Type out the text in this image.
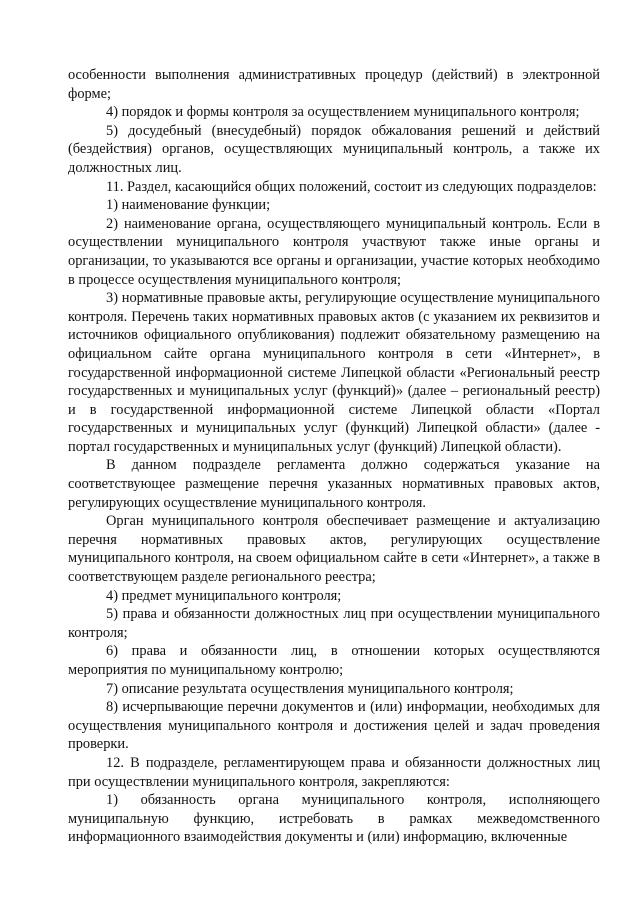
особенности выполнения административных процедур (действий) в электронной форме;

4) порядок и формы контроля за осуществлением муниципального контроля;

5) досудебный (внесудебный) порядок обжалования решений и действий (бездействия) органов, осуществляющих муниципальный контроль, а также их должностных лиц.

11. Раздел, касающийся общих положений, состоит из следующих подразделов:

1) наименование функции;

2) наименование органа, осуществляющего муниципальный контроль. Если в осуществлении муниципального контроля участвуют также иные органы и организации, то указываются все органы и организации, участие которых необходимо в процессе осуществления муниципального контроля;

3) нормативные правовые акты, регулирующие осуществление муниципального контроля. Перечень таких нормативных правовых актов (с указанием их реквизитов и источников официального опубликования) подлежит обязательному размещению на официальном сайте органа муниципального контроля в сети «Интернет», в государственной информационной системе Липецкой области «Региональный реестр государственных и муниципальных услуг (функций)» (далее – региональный реестр) и в государственной информационной системе Липецкой области «Портал государственных и муниципальных услуг (функций) Липецкой области» (далее - портал государственных и муниципальных услуг (функций) Липецкой области).

В данном подразделе регламента должно содержаться указание на соответствующее размещение перечня указанных нормативных правовых актов, регулирующих осуществление муниципального контроля.

Орган муниципального контроля обеспечивает размещение и актуализацию перечня нормативных правовых актов, регулирующих осуществление муниципального контроля, на своем официальном сайте в сети «Интернет», а также в соответствующем разделе регионального реестра;

4) предмет муниципального контроля;

5) права и обязанности должностных лиц при осуществлении муниципального контроля;

6) права и обязанности лиц, в отношении которых осуществляются мероприятия по муниципальному контролю;

7) описание результата осуществления муниципального контроля;

8) исчерпывающие перечни документов и (или) информации, необходимых для осуществления муниципального контроля и достижения целей и задач проведения проверки.

12. В подразделе, регламентирующем права и обязанности должностных лиц при осуществлении муниципального контроля, закрепляются:

1) обязанность органа муниципального контроля, исполняющего муниципальную функцию, истребовать в рамках межведомственного информационного взаимодействия документы и (или) информацию, включенные
